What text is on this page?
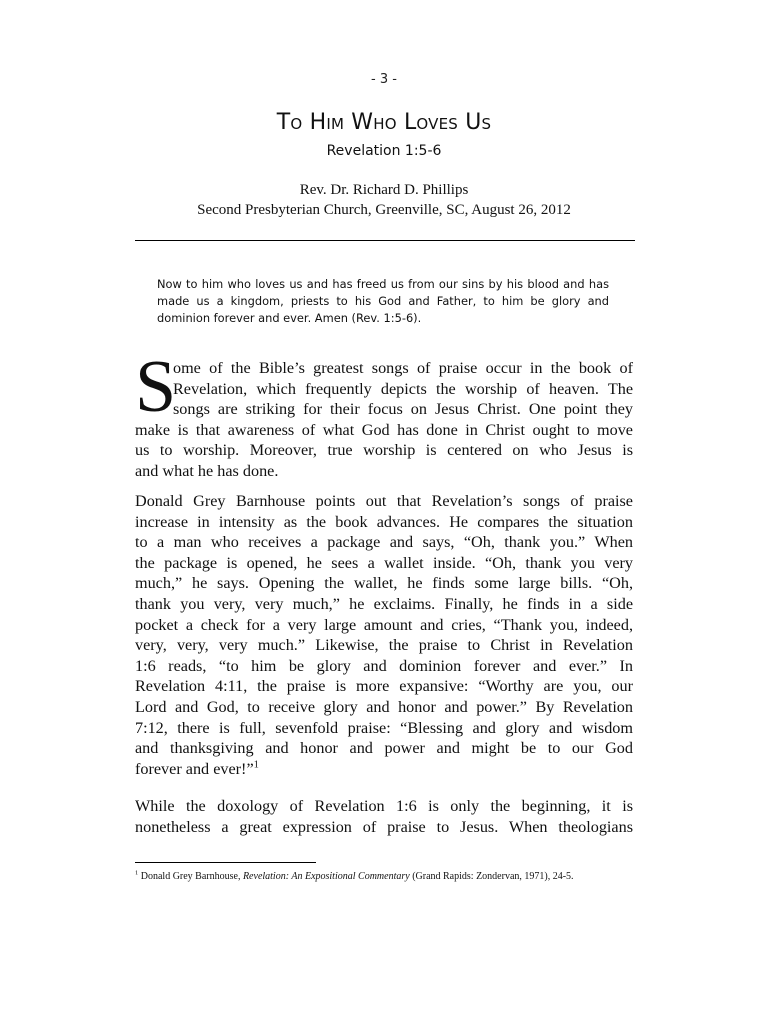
- 3 -
To Him Who Loves Us
Revelation 1:5-6
Rev. Dr. Richard D. Phillips
Second Presbyterian Church, Greenville, SC, August 26, 2012
Now to him who loves us and has freed us from our sins by his blood and has made us a kingdom, priests to his God and Father, to him be glory and dominion forever and ever. Amen (Rev. 1:5-6).
S
ome of the Bible’s greatest songs of praise occur in the book of
Revelation, which frequently depicts the worship of heaven. The
songs are striking for their focus on Jesus Christ. One point they
make is that awareness of what God has done in Christ ought to move
us to worship. Moreover, true worship is centered on who Jesus is
and what he has done.
Donald Grey Barnhouse points out that Revelation’s songs of praise
increase in intensity as the book advances. He compares the situation
to a man who receives a package and says, “Oh, thank you.” When
the package is opened, he sees a wallet inside. “Oh, thank you very
much,” he says. Opening the wallet, he finds some large bills. “Oh,
thank you very, very much,” he exclaims. Finally, he finds in a side
pocket a check for a very large amount and cries, “Thank you, indeed,
very, very, very much.” Likewise, the praise to Christ in Revelation
1:6 reads, “to him be glory and dominion forever and ever.” In
Revelation 4:11, the praise is more expansive: “Worthy are you, our
Lord and God, to receive glory and honor and power.” By Revelation
7:12, there is full, sevenfold praise: “Blessing and glory and wisdom
and thanksgiving and honor and power and might be to our God
forever and ever!”$^1$
While the doxology of Revelation 1:6 is only the beginning, it is
nonetheless a great expression of praise to Jesus. When theologians
$^1$ Donald Grey Barnhouse, Revelation: An Expositional Commentary (Grand Rapids: Zondervan, 1971), 24-5.
